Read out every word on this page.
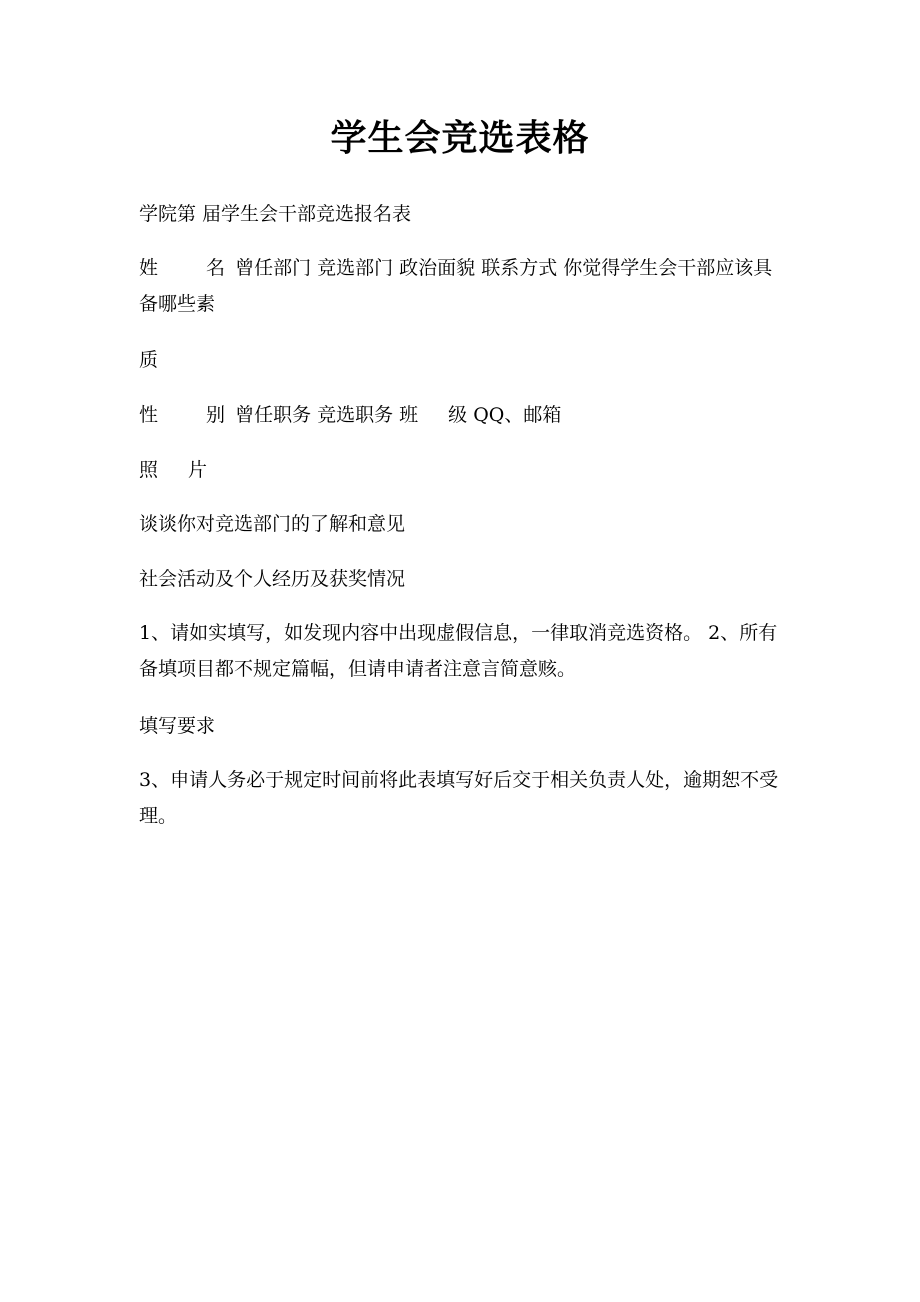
学生会竞选表格

学院第 届学生会干部竞选报名表

姓	名 曾任部门 竞选部门 政治面貌 联系方式 你觉得学生会干部应该具备哪些素

质

性	别 曾任职务 竞选职务 班 级 QQ、邮箱

照 片

谈谈你对竞选部门的了解和意见

社会活动及个人经历及获奖情况

1、请如实填写，如发现内容中出现虚假信息，一律取消竞选资格。 2、所有备填项目都不规定篇幅，但请申请者注意言简意赅。

填写要求

3、申请人务必于规定时间前将此表填写好后交于相关负责人处，逾期恕不受理。
